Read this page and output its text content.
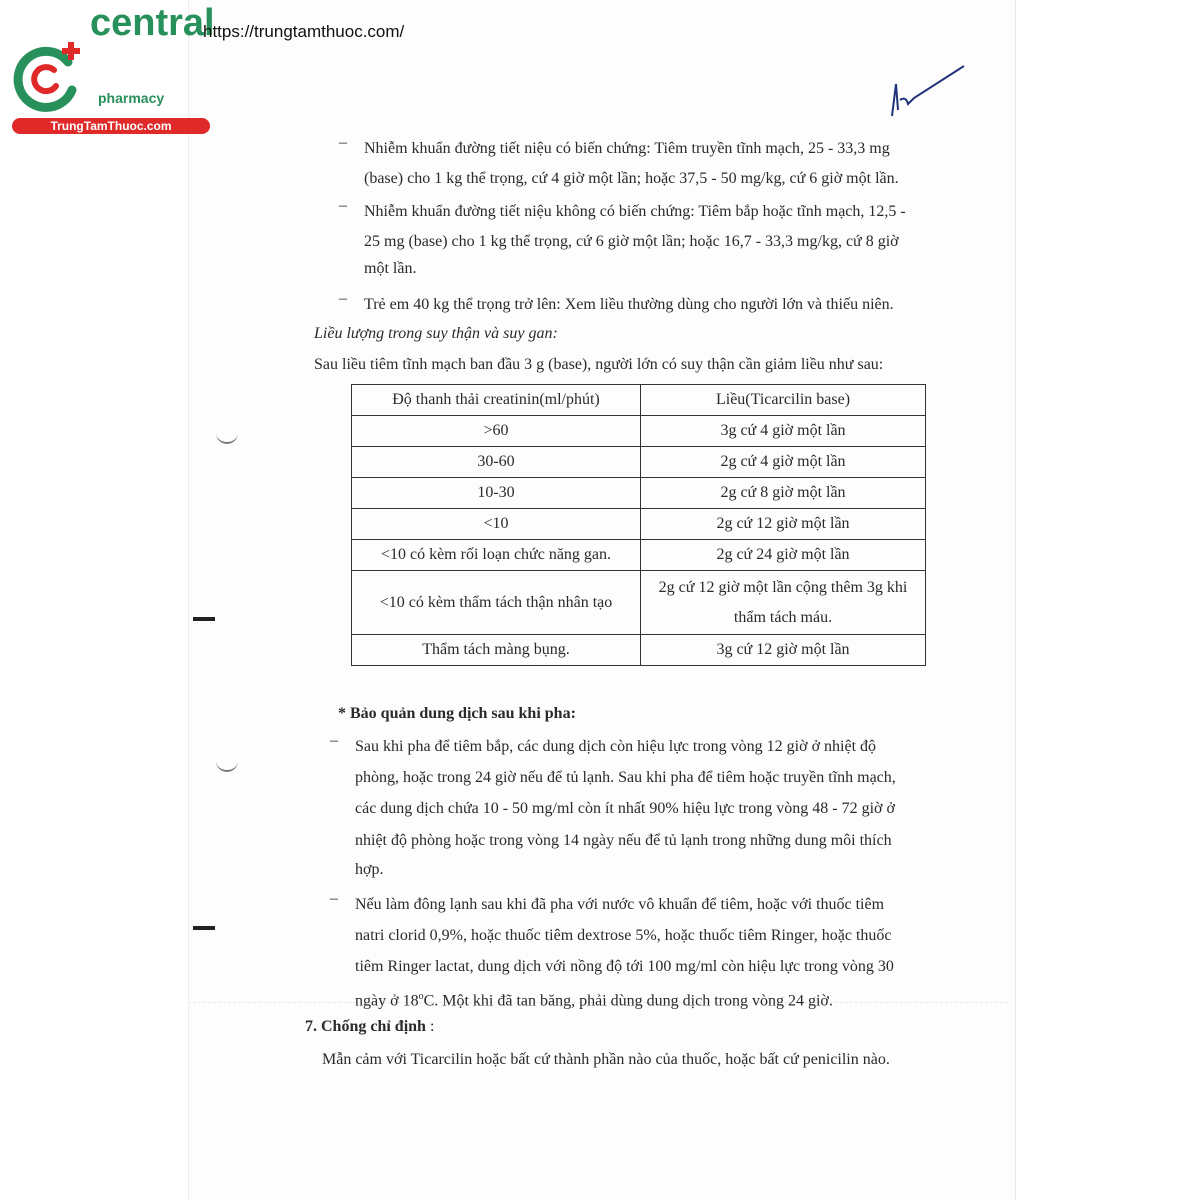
central
pharmacy
TrungTamThuoc.com
https://trungtamthuoc.com/
– Nhiễm khuẩn đường tiết niệu có biến chứng: Tiêm truyền tĩnh mạch, 25 - 33,3 mg
(base) cho 1 kg thể trọng, cứ 4 giờ một lần; hoặc 37,5 - 50 mg/kg, cứ 6 giờ một lần.
– Nhiễm khuẩn đường tiết niệu không có biến chứng: Tiêm bắp hoặc tĩnh mạch, 12,5 -
25 mg (base) cho 1 kg thể trọng, cứ 6 giờ một lần; hoặc 16,7 - 33,3 mg/kg, cứ 8 giờ
một lần.
– Trẻ em 40 kg thể trọng trở lên: Xem liều thường dùng cho người lớn và thiếu niên.
Liều lượng trong suy thận và suy gan:
Sau liều tiêm tĩnh mạch ban đầu 3 g (base), người lớn có suy thận cần giảm liều như sau:
Độ thanh thải creatinin(ml/phút)	Liều(Ticarcilin base)
>60	3g cứ 4 giờ một lần
30-60	2g cứ 4 giờ một lần
10-30	2g cứ 8 giờ một lần
<10	2g cứ 12 giờ một lần
<10 có kèm rối loạn chức năng gan.	2g cứ 24 giờ một lần
<10 có kèm thẩm tách thận nhân tạo	2g cứ 12 giờ một lần cộng thêm 3g khi thẩm tách máu.
Thẩm tách màng bụng.	3g cứ 12 giờ một lần
* Bảo quản dung dịch sau khi pha:
– Sau khi pha để tiêm bắp, các dung dịch còn hiệu lực trong vòng 12 giờ ở nhiệt độ
phòng, hoặc trong 24 giờ nếu để tủ lạnh. Sau khi pha để tiêm hoặc truyền tĩnh mạch,
các dung dịch chứa 10 - 50 mg/ml còn ít nhất 90% hiệu lực trong vòng 48 - 72 giờ ở
nhiệt độ phòng hoặc trong vòng 14 ngày nếu để tủ lạnh trong những dung môi thích
hợp.
– Nếu làm đông lạnh sau khi đã pha với nước vô khuẩn để tiêm, hoặc với thuốc tiêm
natri clorid 0,9%, hoặc thuốc tiêm dextrose 5%, hoặc thuốc tiêm Ringer, hoặc thuốc
tiêm Ringer lactat, dung dịch với nồng độ tới 100 mg/ml còn hiệu lực trong vòng 30
ngày ở 18$^o$C. Một khi đã tan băng, phải dùng dung dịch trong vòng 24 giờ.
7. Chống chỉ định :
Mẫn cảm với Ticarcilin hoặc bất cứ thành phần nào của thuốc, hoặc bất cứ penicilin nào.
